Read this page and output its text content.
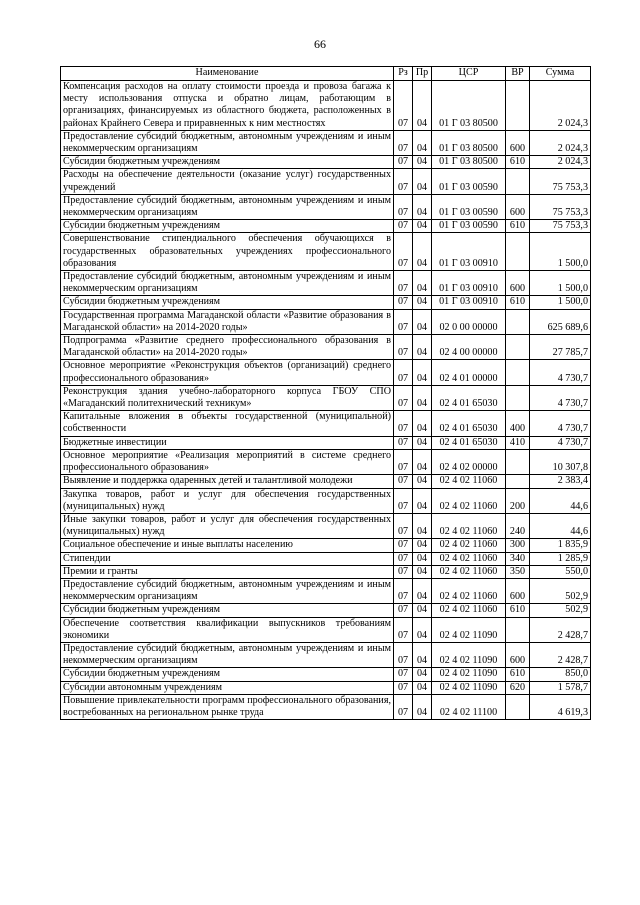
66
Наименование	Рз	Пр	ЦСР	ВР	Сумма
Компенсация расходов на оплату стоимости проезда и провоза багажа к месту использования отпуска и обратно лицам, работающим в организациях, финансируемых из областного бюджета, расположенных в районах Крайнего Севера и приравненных к ним местностях	07	04	01 Г 03 80500		2 024,3
Предоставление субсидий бюджетным, автономным учреждениям и иным некоммерческим организациям	07	04	01 Г 03 80500	600	2 024,3
Субсидии бюджетным учреждениям	07	04	01 Г 03 80500	610	2 024,3
Расходы на обеспечение деятельности (оказание услуг) государственных учреждений	07	04	01 Г 03 00590		75 753,3
Предоставление субсидий бюджетным, автономным учреждениям и иным некоммерческим организациям	07	04	01 Г 03 00590	600	75 753,3
Субсидии бюджетным учреждениям	07	04	01 Г 03 00590	610	75 753,3
Совершенствование стипендиального обеспечения обучающихся в государственных образовательных учреждениях профессионального образования	07	04	01 Г 03 00910		1 500,0
Предоставление субсидий бюджетным, автономным учреждениям и иным некоммерческим организациям	07	04	01 Г 03 00910	600	1 500,0
Субсидии бюджетным учреждениям	07	04	01 Г 03 00910	610	1 500,0
Государственная программа Магаданской области «Развитие образования в Магаданской области» на 2014-2020 годы»	07	04	02 0 00 00000		625 689,6
Подпрограмма «Развитие среднего профессионального образования в Магаданской области» на 2014-2020 годы»	07	04	02 4 00 00000		27 785,7
Основное мероприятие «Реконструкция объектов (организаций) среднего профессионального образования»	07	04	02 4 01 00000		4 730,7
Реконструкция здания учебно-лабораторного корпуса ГБОУ СПО «Магаданский политехнический техникум»	07	04	02 4 01 65030		4 730,7
Капитальные вложения в объекты государственной (муниципальной) собственности	07	04	02 4 01 65030	400	4 730,7
Бюджетные инвестиции	07	04	02 4 01 65030	410	4 730,7
Основное мероприятие «Реализация мероприятий в системе среднего профессионального образования»	07	04	02 4 02 00000		10 307,8
Выявление и поддержка одаренных детей и талантливой молодежи	07	04	02 4 02 11060		2 383,4
Закупка товаров, работ и услуг для обеспечения государственных (муниципальных) нужд	07	04	02 4 02 11060	200	44,6
Иные закупки товаров, работ и услуг для обеспечения государственных (муниципальных) нужд	07	04	02 4 02 11060	240	44,6
Социальное обеспечение и иные выплаты населению	07	04	02 4 02 11060	300	1 835,9
Стипендии	07	04	02 4 02 11060	340	1 285,9
Премии и гранты	07	04	02 4 02 11060	350	550,0
Предоставление субсидий бюджетным, автономным учреждениям и иным некоммерческим организациям	07	04	02 4 02 11060	600	502,9
Субсидии бюджетным учреждениям	07	04	02 4 02 11060	610	502,9
Обеспечение соответствия квалификации выпускников требованиям экономики	07	04	02 4 02 11090		2 428,7
Предоставление субсидий бюджетным, автономным учреждениям и иным некоммерческим организациям	07	04	02 4 02 11090	600	2 428,7
Субсидии бюджетным учреждениям	07	04	02 4 02 11090	610	850,0
Субсидии автономным учреждениям	07	04	02 4 02 11090	620	1 578,7
Повышение привлекательности программ профессионального образования, востребованных на региональном рынке труда	07	04	02 4 02 11100		4 619,3
